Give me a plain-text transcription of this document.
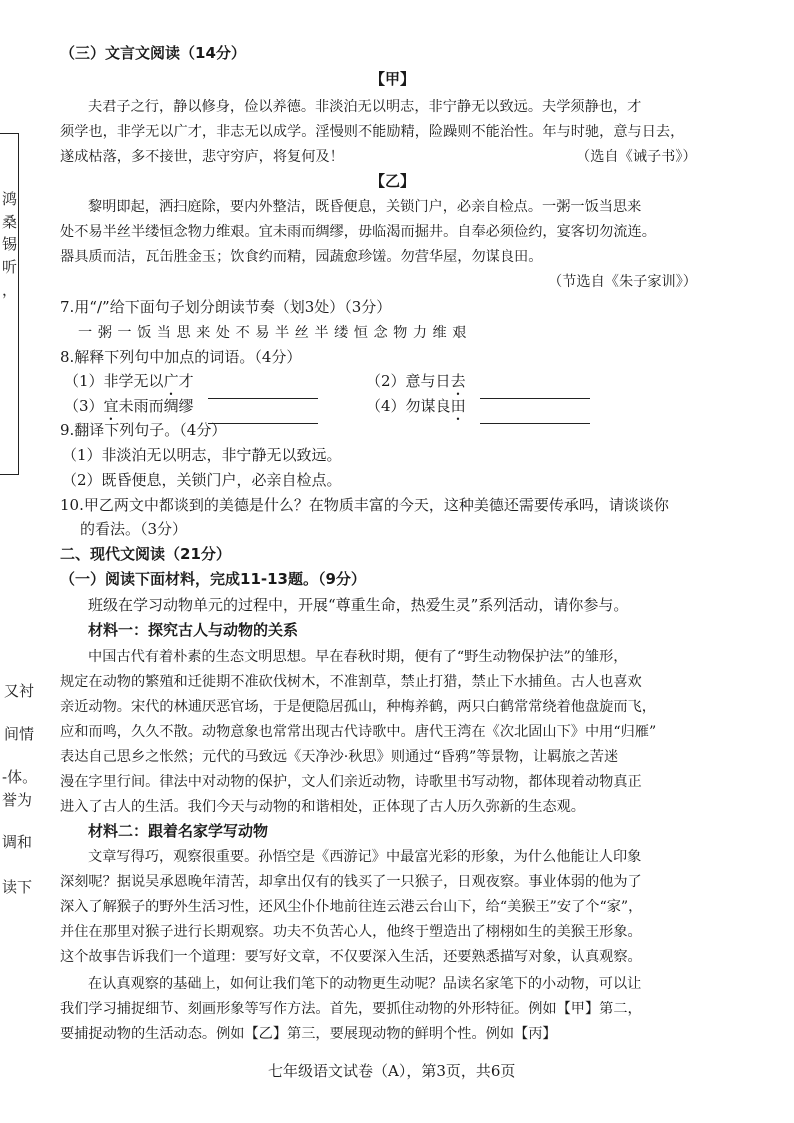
鸿
桑
锡
听
，
又衬
间情
-体。
誉为
调和
读下
（三）文言文阅读（14分）
【甲】
夫君子之行，静以修身，俭以养德。非淡泊无以明志，非宁静无以致远。夫学须静也，才
须学也，非学无以广才，非志无以成学。淫慢则不能励精，险躁则不能治性。年与时驰，意与日去，
遂成枯落，多不接世，悲守穷庐，将复何及！	（选自《诫子书》）
【乙】
黎明即起，洒扫庭除，要内外整洁，既昏便息，关锁门户，必亲自检点。一粥一饭当思来
处不易半丝半缕恒念物力维艰。宜未雨而绸缪，毋临渴而掘井。自奉必须俭约，宴客切勿流连。
器具质而洁，瓦缶胜金玉；饮食约而精，园蔬愈珍馐。勿营华屋，勿谋良田。
（节选自《朱子家训》）
7.用“/”给下面句子划分朗读节奏（划3处）（3分）
一 粥 一 饭 当 思 来 处 不 易 半 丝 半 缕 恒 念 物 力 维 艰
8.解释下列句中加点的词语。（4分）
（1）非学无以广才	（2）意与日去
（3）宜未雨而绸缪	（4）勿谋良田
9.翻译下列句子。（4分）
（1）非淡泊无以明志，非宁静无以致远。
（2）既昏便息，关锁门户，必亲自检点。
10.甲乙两文中都谈到的美德是什么？在物质丰富的今天，这种美德还需要传承吗，请谈谈你
的看法。（3分）
二、现代文阅读（21分）
（一）阅读下面材料，完成11-13题。（9分）
班级在学习动物单元的过程中，开展“尊重生命，热爱生灵”系列活动，请你参与。
材料一：探究古人与动物的关系
中国古代有着朴素的生态文明思想。早在春秋时期，便有了“野生动物保护法”的雏形，
规定在动物的繁殖和迁徙期不准砍伐树木，不准割草，禁止打猎，禁止下水捕鱼。古人也喜欢
亲近动物。宋代的林逋厌恶官场，于是便隐居孤山，种梅养鹤，两只白鹤常常绕着他盘旋而飞，
应和而鸣，久久不散。动物意象也常常出现古代诗歌中。唐代王湾在《次北固山下》中用“归雁”
表达自己思乡之怅然；元代的马致远《天净沙·秋思》则通过“昏鸦”等景物，让羁旅之苦迷
漫在字里行间。律法中对动物的保护，文人们亲近动物，诗歌里书写动物，都体现着动物真正
进入了古人的生活。我们今天与动物的和谐相处，正体现了古人历久弥新的生态观。
材料二：跟着名家学写动物
文章写得巧，观察很重要。孙悟空是《西游记》中最富光彩的形象，为什么他能让人印象
深刻呢？据说吴承恩晚年清苦，却拿出仅有的钱买了一只猴子，日观夜察。事业体弱的他为了
深入了解猴子的野外生活习性，还风尘仆仆地前往连云港云台山下，给“美猴王”安了个“家”，
并住在那里对猴子进行长期观察。功夫不负苦心人，他终于塑造出了栩栩如生的美猴王形象。
这个故事告诉我们一个道理：要写好文章，不仅要深入生活，还要熟悉描写对象，认真观察。
在认真观察的基础上，如何让我们笔下的动物更生动呢？品读名家笔下的小动物，可以让
我们学习捕捉细节、刻画形象等写作方法。首先，要抓住动物的外形特征。例如【甲】第二，
要捕捉动物的生活动态。例如【乙】第三，要展现动物的鲜明个性。例如【丙】
七年级语文试卷（A），第3页，共6页
